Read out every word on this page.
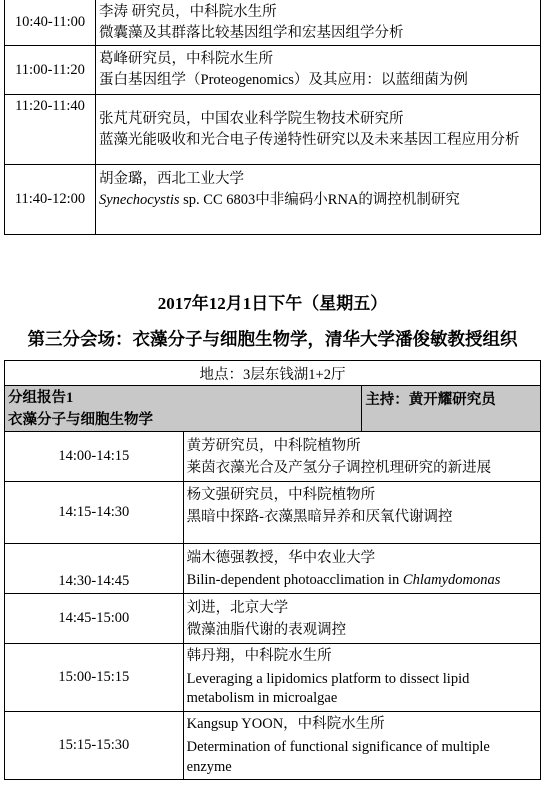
10:40-11:00	李涛 研究员，中科院水生所
微囊藻及其群落比较基因组学和宏基因组学分析

11:00-11:20	葛峰研究员，中科院水生所
蛋白基因组学（Proteogenomics）及其应用：以蓝细菌为例

11:20-11:40	张芃芃研究员，中国农业科学院生物技术研究所
蓝藻光能吸收和光合电子传递特性研究以及未来基因工程应用分析

11:40-12:00	胡金璐，西北工业大学
Synechocystis sp. CC 6803中非编码小RNA的调控机制研究
2017年12月1日下午（星期五）
第三分会场：衣藻分子与细胞生物学，清华大学潘俊敏教授组织
地点：3层东钱湖1+2厅		

分组报告1
衣藻分子与细胞生物学		主持：黄开耀研究员
14:00-14:15	黄芳研究员，中科院植物所
莱茵衣藻光合及产氢分子调控机理研究的新进展	

14:15-14:30	杨文强研究员，中科院植物所
黑暗中探路-衣藻黑暗异养和厌氧代谢调控	

14:30-14:45	端木德强教授，华中农业大学
Bilin-dependent photoacclimation in Chlamydomonas	

14:45-15:00	刘进，北京大学
微藻油脂代谢的表观调控	

15:00-15:15	韩丹翔，中科院水生所
Leveraging a lipidomics platform to dissect lipid metabolism in microalgae	

15:15-15:30	Kangsup YOON，中科院水生所
Determination of functional significance of multiple enzyme	
